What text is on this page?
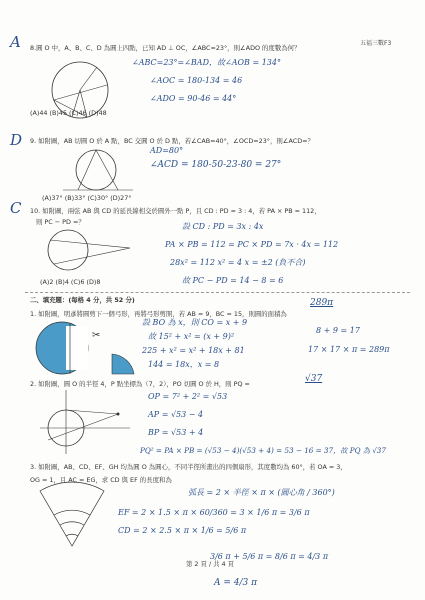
五福三數F3
A 8.圓 O 中，A、B、C、D 為圓上四點，已知 AD ⊥ OC，∠ABC=23°，則∠ADO 的度數為何？
(A)44 (B)45 (C)46 (D)48
∠ABC=23°=∠BAD，故∠AOB = 134°
∠AOC = 180-134 = 46
∠ADO = 90-46 = 44°
D 9. 如附圖，AB 切圓 O 於 A 點，BC 交圓 O 於 D 點，若∠CAB=40°，∠OCD=23°，則∠ACD=？
(A)37° (B)33° (C)30° (D)27°
AD=80°
∠ACD = 180-50-23-80 = 27°
C 10. 如附圖，兩弦 AB 與 CD 的延長線相交於圓外一點 P，且 CD : PD = 3 : 4，若 PA × PB = 112，
則 PC − PD =？
(A)2 (B)4 (C)6 (D)8
設 CD : PD = 3x : 4x
PA × PB = 112 = PC × PD = 7x · 4x = 112
28x² = 112 x² = 4 x = ±2 (負不合)
故 PC − PD = 14 − 8 = 6
二、填充題：(每格 4 分，共 52 分)
1. 如附圖，明彥將圓剪下一個弓形，再將弓形剪開，若 AB = 9，BC = 15，則圓的面積為
289π
✂
設 BO 為 x，則 CO = x + 9
故 15² + x² = (x + 9)²
225 + x² = x² + 18x + 81
144 = 18x，x = 8
8 + 9 = 17
17 × 17 × π = 289π
2. 如附圖，圓 O 的半徑 4，P 點坐標為（7，2），PO 切圓 O 於 H，則 PQ =	√37
OP = 7² + 2² = √53
AP = √53 − 4
BP = √53 + 4
PQ² = PA × PB = (√53 − 4)(√53 + 4) = 53 − 16 = 37，故 PQ 為 √37
3. 如附圖，AB、CD、EF、GH 均為圓 O 為圓心，不同半徑所畫出的四個扇形，其度數均為 60°，若 OA = 3，
OG = 1，且 AC = EG，求 CD 與 EF 的長度和為
弧長 = 2 × 半徑 × π × (圓心角 / 360°)
EF = 2 × 1.5 × π × 60/360 = 3 × 1/6 π = 3/6 π
CD = 2 × 2.5 × π × 1/6 = 5/6 π
3/6 π + 5/6 π = 8/6 π = 4/3 π
A = 4/3 π
第 2 頁 / 共 4 頁
